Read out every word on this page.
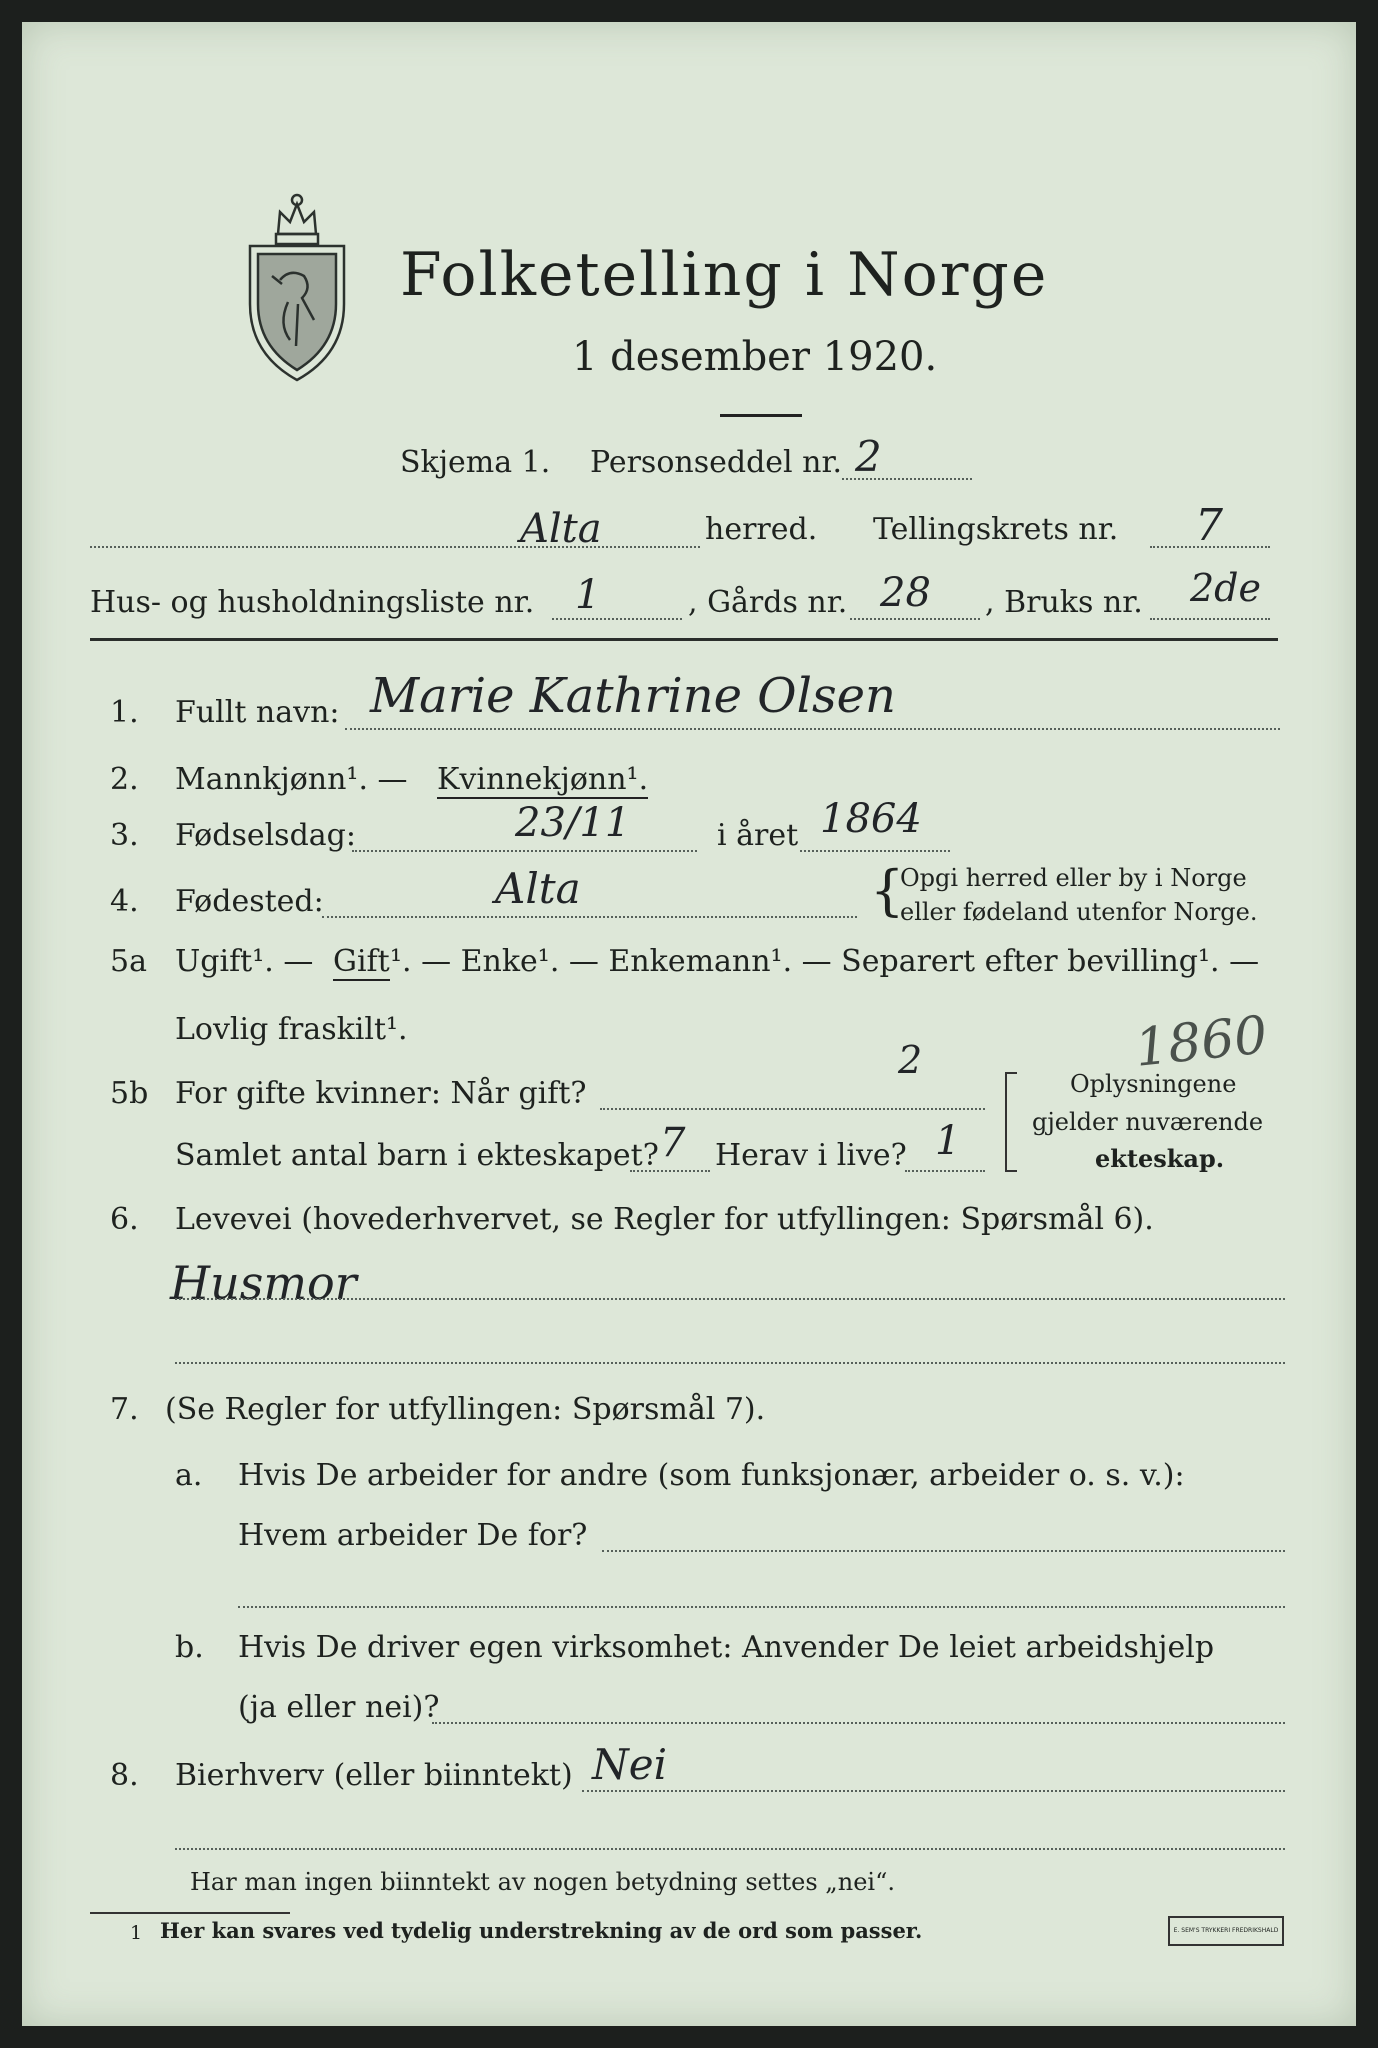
Folketelling i Norge
1 desember 1920.
Skjema 1. Personseddel nr. 2
Alta	herred. Tellingskrets nr. 7
Hus- og husholdningsliste nr. 1	, Gårds nr. 28 , Bruks nr. 2de
1. Fullt navn: Marie Kathrine Olsen
2. Mannkjønn¹. — Kvinnekjønn¹.
3. Fødselsdag:	23/11	i året 1864
4. Fødested:	Alta	{
Opgi herred eller by i Norge
eller fødeland utenfor Norge.
5a Ugift¹. — Gift ¹. — Enke¹. — Enkemann¹. — Separert efter bevilling¹. —
Lovlig fraskilt¹.	1860
5b For gifte kvinner: Når gift?
2
Samlet antal barn i ekteskapet? 7 Herav i live? 1
Oplysningene
gjelder nuværende
ekteskap.
6. Levevei (hovederhvervet, se Regler for utfyllingen: Spørsmål 6).
Husmor
7. (Se Regler for utfyllingen: Spørsmål 7).
a. Hvis De arbeider for andre (som funksjonær, arbeider o. s. v.):
Hvem arbeider De for?
b. Hvis De driver egen virksomhet: Anvender De leiet arbeidshjelp
(ja eller nei)?
8. Bierhverv (eller biinntekt) Nei
Har man ingen biinntekt av nogen betydning settes „nei“.
1 Her kan svares ved tydelig understrekning av de ord som passer.	E. SEM'S TRYKKERI FREDRIKSHALD
